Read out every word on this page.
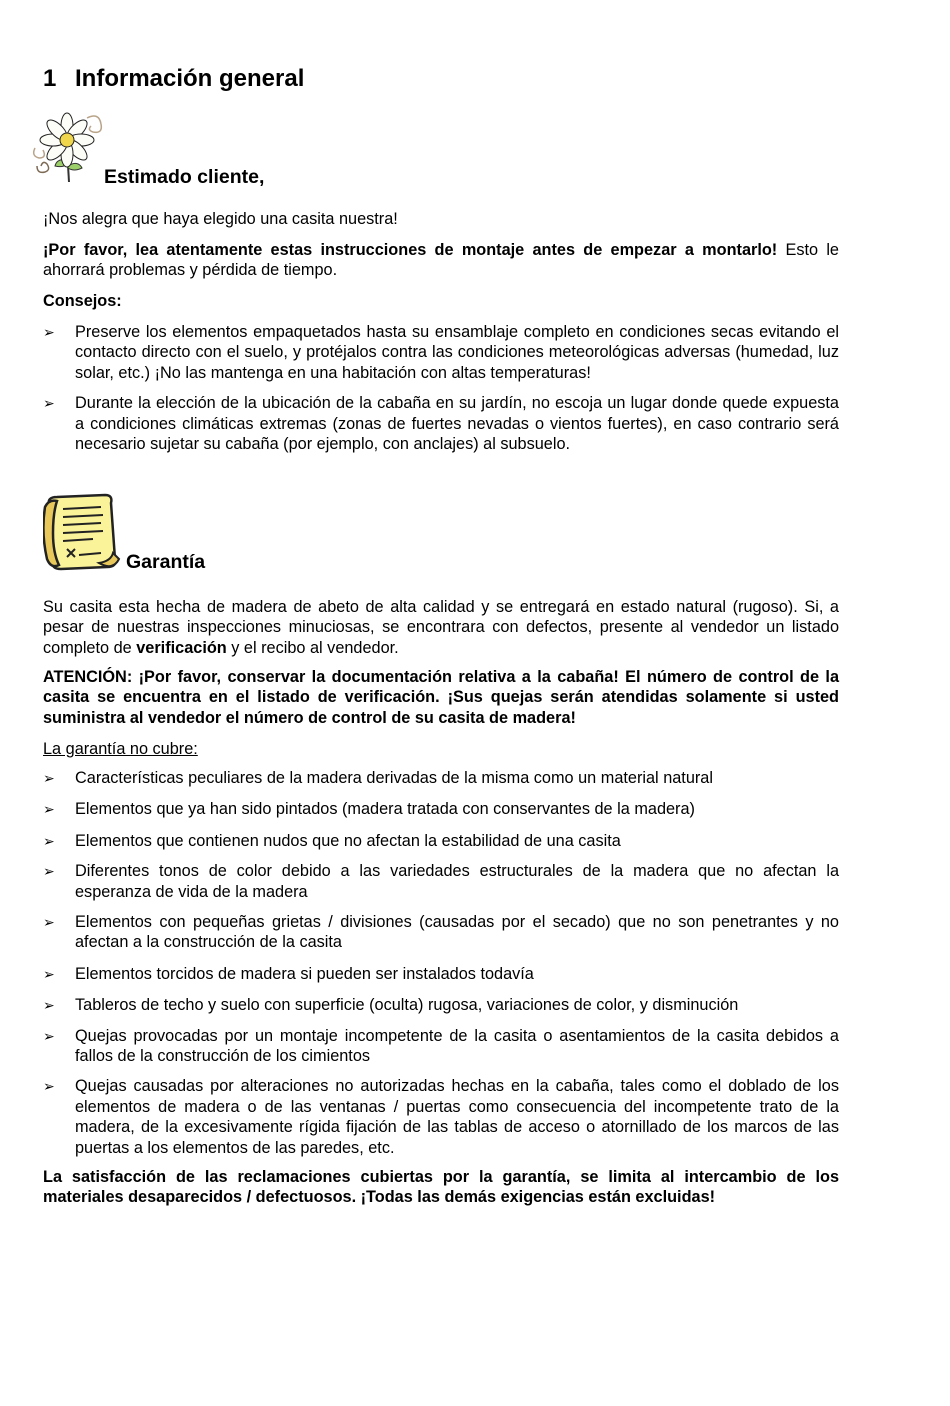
1 Información general
Estimado cliente,

¡Nos alegra que haya elegido una casita nuestra!

¡Por favor, lea atentamente estas instrucciones de montaje antes de empezar a montarlo! Esto le ahorrará problemas y pérdida de tiempo.

Consejos:

➢ Preserve los elementos empaquetados hasta su ensamblaje completo en condiciones secas evitando el contacto directo con el suelo, y protéjalos contra las condiciones meteorológicas adversas (humedad, luz solar, etc.) ¡No las mantenga en una habitación con altas temperaturas!
➢ Durante la elección de la ubicación de la cabaña en su jardín, no escoja un lugar donde quede expuesta a condiciones climáticas extremas (zonas de fuertes nevadas o vientos fuertes), en caso contrario será necesario sujetar su cabaña (por ejemplo, con anclajes) al subsuelo.
Garantía

Su casita esta hecha de madera de abeto de alta calidad y se entregará en estado natural (rugoso). Si, a pesar de nuestras inspecciones minuciosas, se encontrara con defectos, presente al vendedor un listado completo de verificación y el recibo al vendedor.

ATENCIÓN: ¡Por favor, conservar la documentación relativa a la cabaña! El número de control de la casita se encuentra en el listado de verificación. ¡Sus quejas serán atendidas solamente si usted suministra al vendedor el número de control de su casita de madera!

La garantía no cubre:

➢ Características peculiares de la madera derivadas de la misma como un material natural
➢ Elementos que ya han sido pintados (madera tratada con conservantes de la madera)
➢ Elementos que contienen nudos que no afectan la estabilidad de una casita
➢ Diferentes tonos de color debido a las variedades estructurales de la madera que no afectan la esperanza de vida de la madera
➢ Elementos con pequeñas grietas / divisiones (causadas por el secado) que no son penetrantes y no afectan a la construcción de la casita
➢ Elementos torcidos de madera si pueden ser instalados todavía
➢ Tableros de techo y suelo con superficie (oculta) rugosa, variaciones de color, y disminución
➢ Quejas provocadas por un montaje incompetente de la casita o asentamientos de la casita debidos a fallos de la construcción de los cimientos
➢ Quejas causadas por alteraciones no autorizadas hechas en la cabaña, tales como el doblado de los elementos de madera o de las ventanas / puertas como consecuencia del incompetente trato de la madera, de la excesivamente rígida fijación de las tablas de acceso o atornillado de los marcos de las puertas a los elementos de las paredes, etc.

La satisfacción de las reclamaciones cubiertas por la garantía, se limita al intercambio de los materiales desaparecidos / defectuosos. ¡Todas las demás exigencias están excluidas!
